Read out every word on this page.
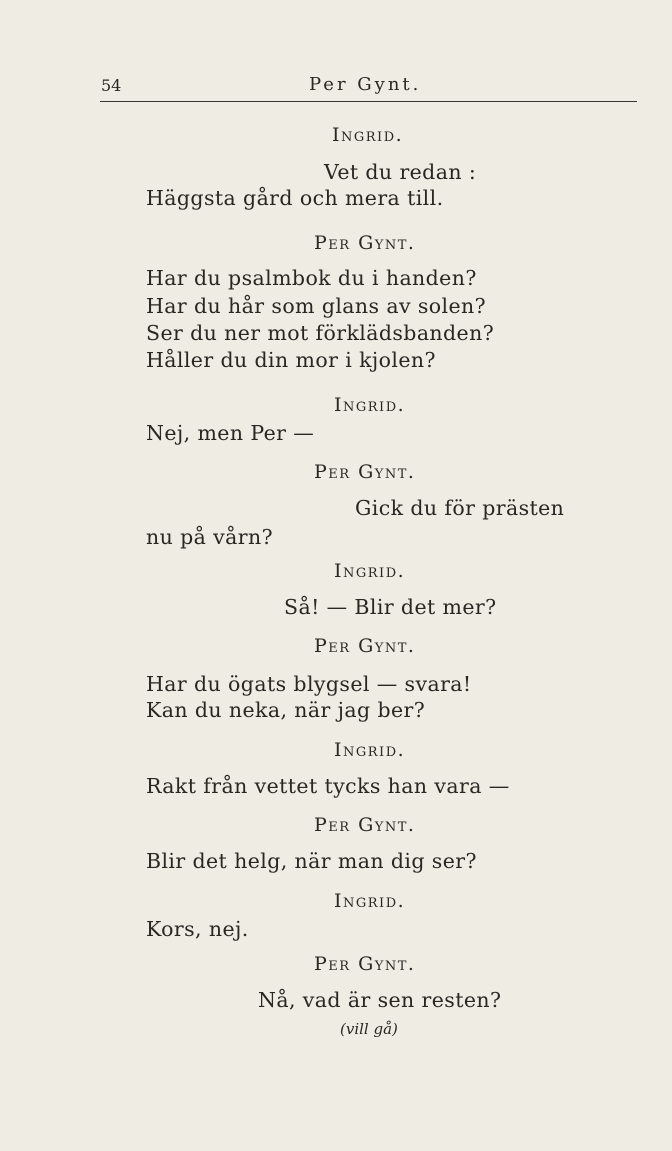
54	Per Gynt.
Ingrid.
Vet du redan :
Häggsta gård och mera till.
Per Gynt.
Har du psalmbok du i handen?
Har du hår som glans av solen?
Ser du ner mot förklädsbanden?
Håller du din mor i kjolen?
Ingrid.
Nej, men Per —
Per Gynt.
Gick du för prästen
nu på vårn?
Ingrid.
Så! — Blir det mer?
Per Gynt.
Har du ögats blygsel — svara!
Kan du neka, när jag ber?
Ingrid.
Rakt från vettet tycks han vara —
Per Gynt.
Blir det helg, när man dig ser?
Ingrid.
Kors, nej.
Per Gynt.
Nå, vad är sen resten?
(vill gå)
